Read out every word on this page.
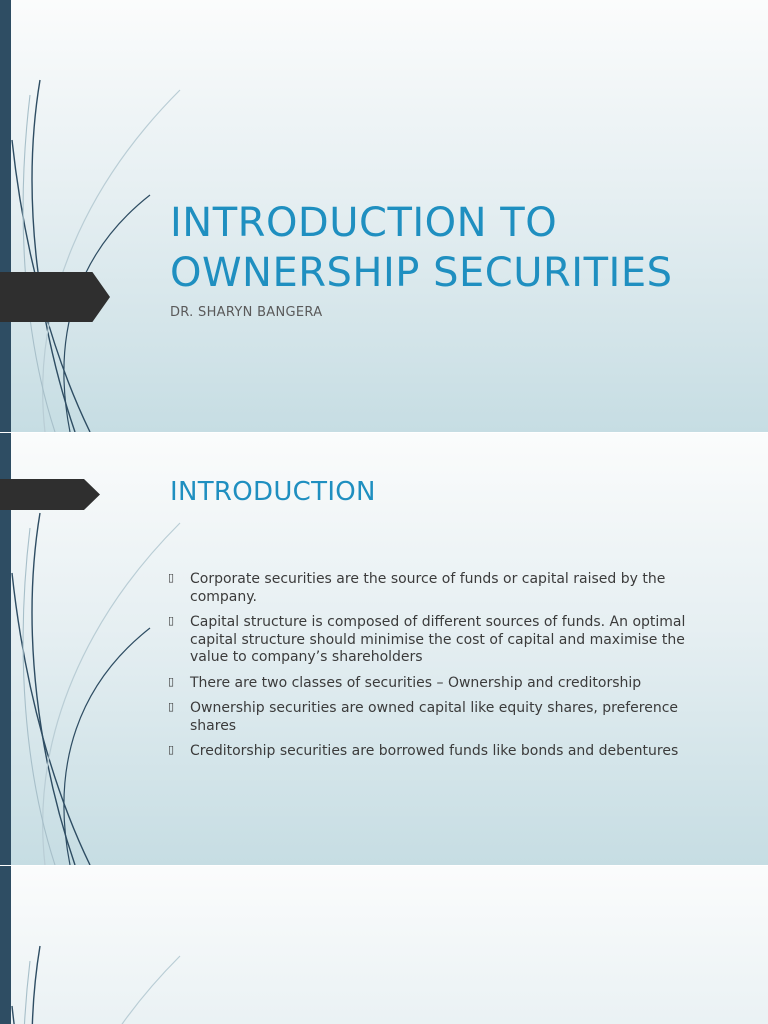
INTRODUCTION TO
OWNERSHIP SECURITIES
DR. SHARYN BANGERA
INTRODUCTION
▯ Corporate securities are the source of funds or capital raised by the company.
▯ Capital structure is composed of different sources of funds. An optimal capital structure should minimise the cost of capital and maximise the value to company’s shareholders
▯ There are two classes of securities – Ownership and creditorship
▯ Ownership securities are owned capital like equity shares, preference shares
▯ Creditorship securities are borrowed funds like bonds and debentures
